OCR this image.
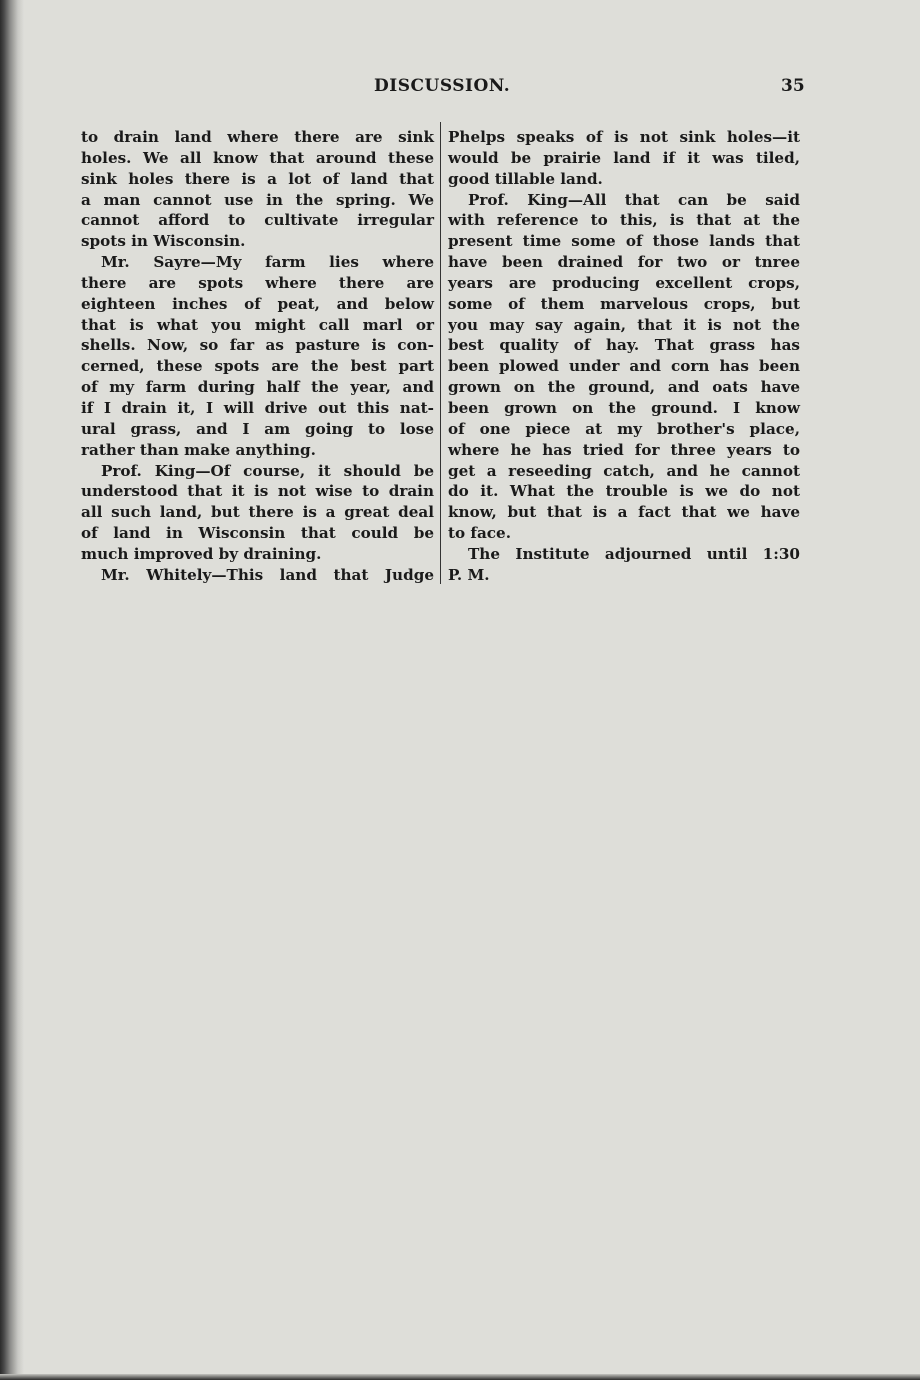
DISCUSSION.	35
to drain land where there are sink
holes. We all know that around these
sink holes there is a lot of land that
a man cannot use in the spring. We
cannot afford to cultivate irregular
spots in Wisconsin.
Mr. Sayre—My farm lies where
there are spots where there are
eighteen inches of peat, and below
that is what you might call marl or
shells. Now, so far as pasture is con-
cerned, these spots are the best part
of my farm during half the year, and
if I drain it, I will drive out this nat-
ural grass, and I am going to lose
rather than make anything.
Prof. King—Of course, it should be
understood that it is not wise to drain
all such land, but there is a great deal
of land in Wisconsin that could be
much improved by draining.
Mr. Whitely—This land that Judge
Phelps speaks of is not sink holes—it
would be prairie land if it was tiled,
good tillable land.
Prof. King—All that can be said
with reference to this, is that at the
present time some of those lands that
have been drained for two or tnree
years are producing excellent crops,
some of them marvelous crops, but
you may say again, that it is not the
best quality of hay. That grass has
been plowed under and corn has been
grown on the ground, and oats have
been grown on the ground. I know
of one piece at my brother's place,
where he has tried for three years to
get a reseeding catch, and he cannot
do it. What the trouble is we do not
know, but that is a fact that we have
to face.
The Institute adjourned until 1:30
P. M.
